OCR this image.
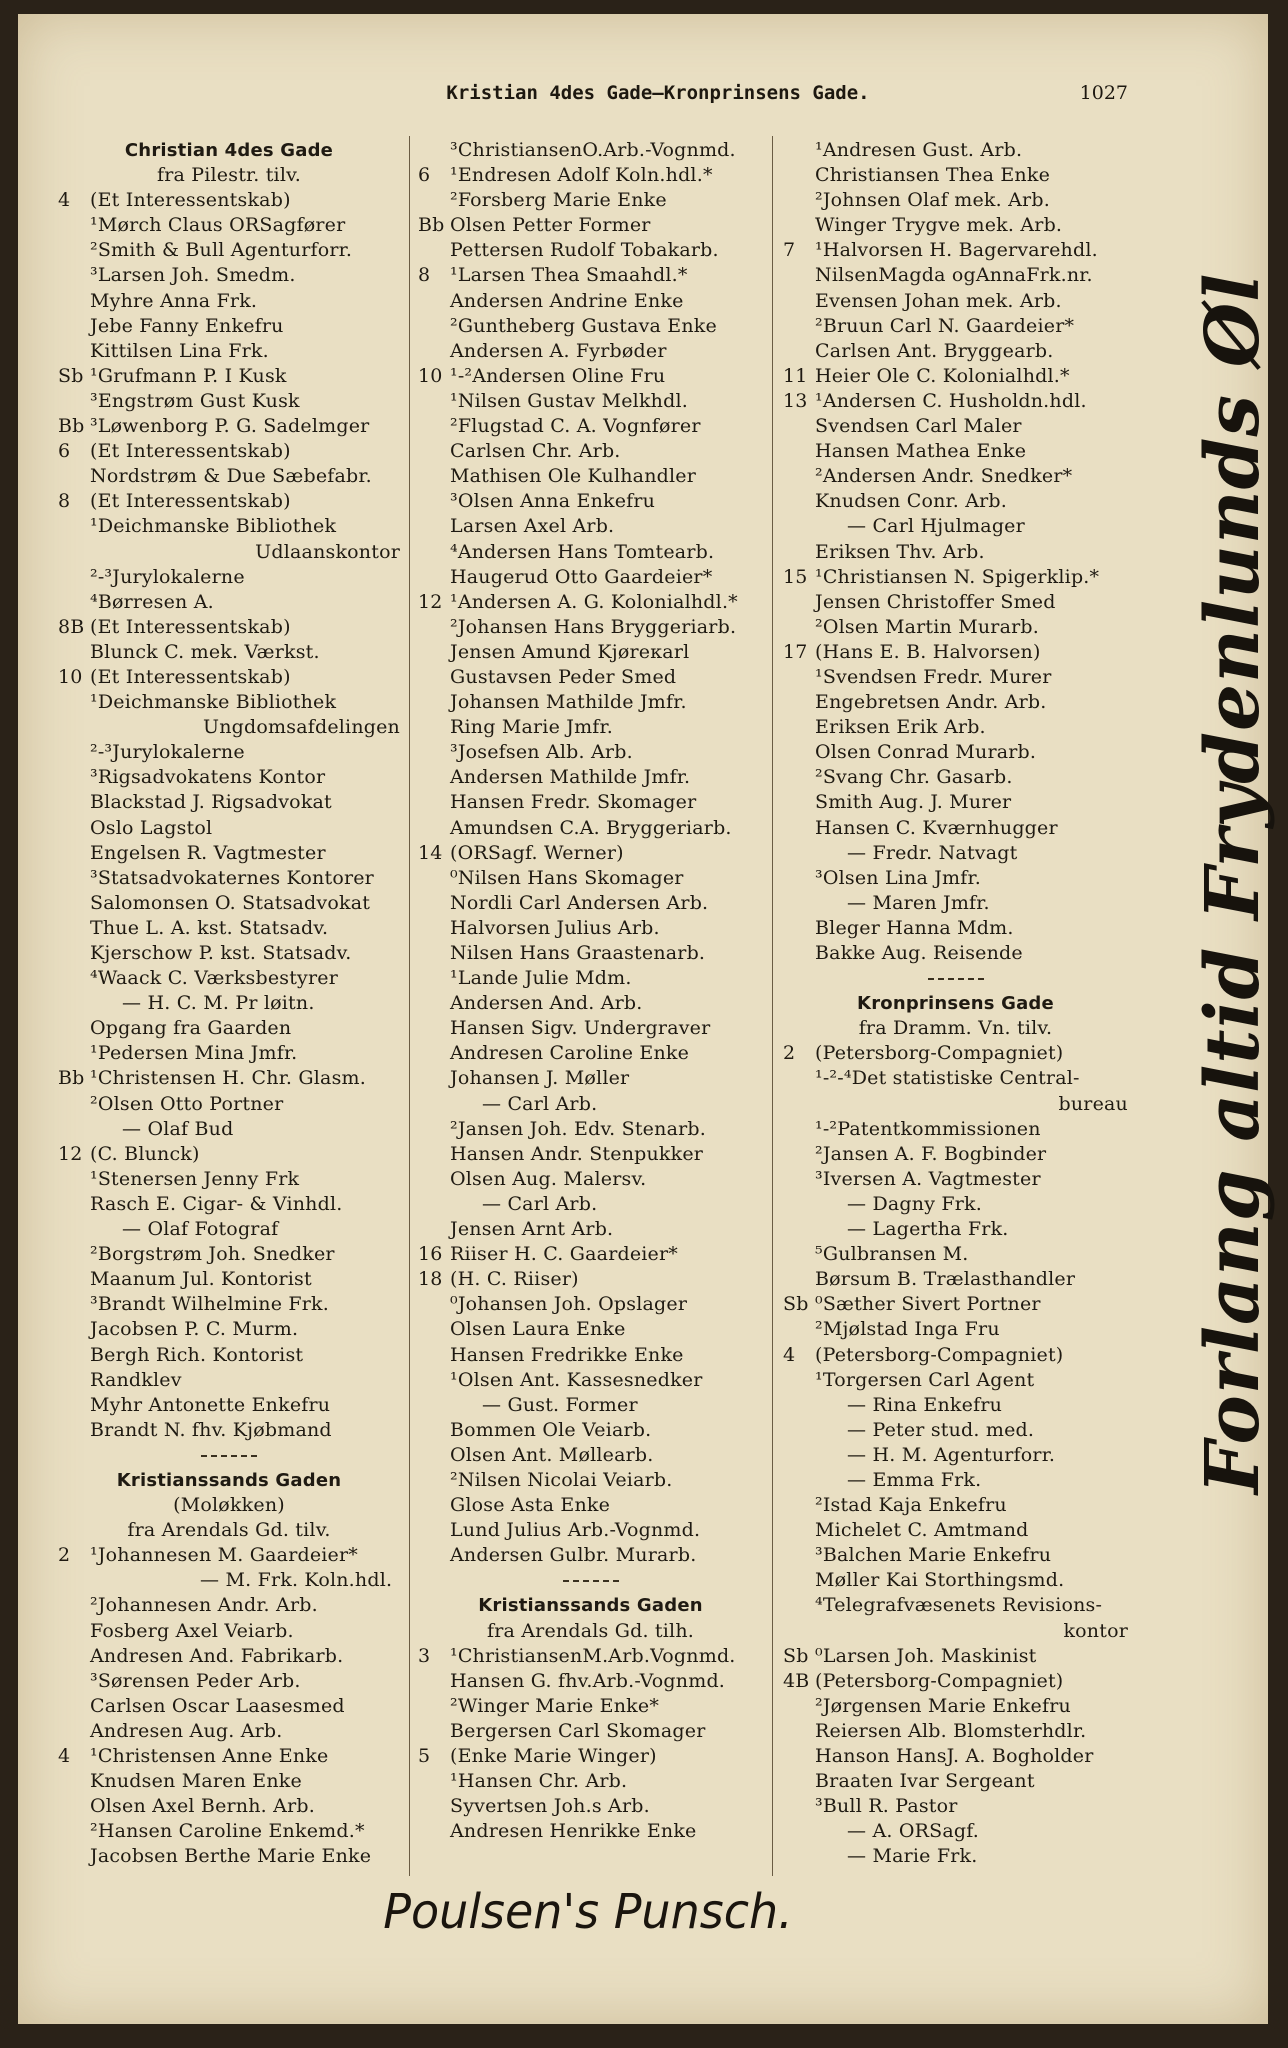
Kristian 4des Gade—Kronprinsens Gade.	1027
Christian 4des Gade
fra Pilestr. tilv.
4 (Et Interessentskab)
¹Mørch Claus ORSagfører
²Smith & Bull Agenturforr.
³Larsen Joh. Smedm.
Myhre Anna Frk.
Jebe Fanny Enkefru
Kittilsen Lina Frk.
Sb ¹Grufmann P. I Kusk
³Engstrøm Gust Kusk
Bb ³Løwenborg P. G. Sadelmger
6 (Et Interessentskab)
Nordstrøm & Due Sæbefabr.
8 (Et Interessentskab)
¹Deichmanske Bibliothek
Udlaanskontor
²-³Jurylokalerne
⁴Børresen A.
8B (Et Interessentskab)
Blunck C. mek. Værkst.
10 (Et Interessentskab)
¹Deichmanske Bibliothek
Ungdomsafdelingen
²-³Jurylokalerne
³Rigsadvokatens Kontor
Blackstad J. Rigsadvokat
Oslo Lagstol
Engelsen R. Vagtmester
³Statsadvokaternes Kontorer
Salomonsen O. Statsadvokat
Thue L. A. kst. Statsadv.
Kjerschow P. kst. Statsadv.
⁴Waack C. Værksbestyrer
— H. C. M. Pr løitn.
Opgang fra Gaarden
¹Pedersen Mina Jmfr.
Bb ¹Christensen H. Chr. Glasm.
²Olsen Otto Portner
— Olaf Bud
12 (C. Blunck)
¹Stenersen Jenny Frk
Rasch E. Cigar- & Vinhdl.
— Olaf Fotograf
²Borgstrøm Joh. Snedker
Maanum Jul. Kontorist
³Brandt Wilhelmine Frk.
Jacobsen P. C. Murm.
Bergh Rich. Kontorist
Randklev
Myhr Antonette Enkefru
Brandt N. fhv. Kjøbmand
Kristianssands Gaden
(Moløkken)
fra Arendals Gd. tilv.
2 ¹Johannesen M. Gaardeier*
— M. Frk. Koln.hdl.
²Johannesen Andr. Arb.
Fosberg Axel Veiarb.
Andresen And. Fabrikarb.
³Sørensen Peder Arb.
Carlsen Oscar Laasesmed
Andresen Aug. Arb.
4 ¹Christensen Anne Enke
Knudsen Maren Enke
Olsen Axel Bernh. Arb.
²Hansen Caroline Enkemd.*
Jacobsen Berthe Marie Enke
³ChristiansenO.Arb.-Vognmd.
6 ¹Endresen Adolf Koln.hdl.*
²Forsberg Marie Enke
Bb Olsen Petter Former
Pettersen Rudolf Tobakarb.
8 ¹Larsen Thea Smaahdl.*
Andersen Andrine Enke
²Guntheberg Gustava Enke
Andersen A. Fyrbøder
10 ¹-²Andersen Oline Fru
¹Nilsen Gustav Melkhdl.
²Flugstad C. A. Vognfører
Carlsen Chr. Arb.
Mathisen Ole Kulhandler
³Olsen Anna Enkefru
Larsen Axel Arb.
⁴Andersen Hans Tomtearb.
Haugerud Otto Gaardeier*
12 ¹Andersen A. G. Kolonialhdl.*
²Johansen Hans Bryggeriarb.
Jensen Amund Kjøreкarl
Gustavsen Peder Smed
Johansen Mathilde Jmfr.
Ring Marie Jmfr.
³Josefsen Alb. Arb.
Andersen Mathilde Jmfr.
Hansen Fredr. Skomager
Amundsen C.A. Bryggeriarb.
14 (ORSagf. Werner)
⁰Nilsen Hans Skomager
Nordli Carl Andersen Arb.
Halvorsen Julius Arb.
Nilsen Hans Graastenarb.
¹Lande Julie Mdm.
Andersen And. Arb.
Hansen Sigv. Undergraver
Andresen Caroline Enke
Johansen J. Møller
— Carl Arb.
²Jansen Joh. Edv. Stenarb.
Hansen Andr. Stenpukker
Olsen Aug. Malersv.
— Carl Arb.
Jensen Arnt Arb.
16 Riiser H. C. Gaardeier*
18 (H. C. Riiser)
⁰Johansen Joh. Opslager
Olsen Laura Enke
Hansen Fredrikke Enke
¹Olsen Ant. Kassesnedker
— Gust. Former
Bommen Ole Veiarb.
Olsen Ant. Møllearb.
²Nilsen Nicolai Veiarb.
Glose Asta Enke
Lund Julius Arb.-Vognmd.
Andersen Gulbr. Murarb.
Kristianssands Gaden
fra Arendals Gd. tilh.
3 ¹ChristiansenM.Arb.Vognmd.
Hansen G. fhv.Arb.-Vognmd.
²Winger Marie Enke*
Bergersen Carl Skomager
5 (Enke Marie Winger)
¹Hansen Chr. Arb.
Syvertsen Joh.s Arb.
Andresen Henrikke Enke
¹Andresen Gust. Arb.
Christiansen Thea Enke
²Johnsen Olaf mek. Arb.
Winger Trygve mek. Arb.
7 ¹Halvorsen H. Bagervarehdl.
NilsenMagda ogAnnaFrk.nr.
Evensen Johan mek. Arb.
²Bruun Carl N. Gaardeier*
Carlsen Ant. Bryggearb.
11 Heier Ole C. Kolonialhdl.*
13 ¹Andersen C. Husholdn.hdl.
Svendsen Carl Maler
Hansen Mathea Enke
²Andersen Andr. Snedker*
Knudsen Conr. Arb.
— Carl Hjulmager
Eriksen Thv. Arb.
15 ¹Christiansen N. Spigerklip.*
Jensen Christoffer Smed
²Olsen Martin Murarb.
17 (Hans E. B. Halvorsen)
¹Svendsen Fredr. Murer
Engebretsen Andr. Arb.
Eriksen Erik Arb.
Olsen Conrad Murarb.
²Svang Chr. Gasarb.
Smith Aug. J. Murer
Hansen C. Kværnhugger
— Fredr. Natvagt
³Olsen Lina Jmfr.
— Maren Jmfr.
Bleger Hanna Mdm.
Bakke Aug. Reisende
Kronprinsens Gade
fra Dramm. Vn. tilv.
2 (Petersborg-Compagniet)
¹-²-⁴Det statistiske Central-
bureau
¹-²Patentkommissionen
²Jansen A. F. Bogbinder
³Iversen A. Vagtmester
— Dagny Frk.
— Lagertha Frk.
⁵Gulbransen M.
Børsum B. Trælasthandler
Sb ⁰Sæther Sivert Portner
²Mjølstad Inga Fru
4 (Petersborg-Compagniet)
¹Torgersen Carl Agent
— Rina Enkefru
— Peter stud. med.
— H. M. Agenturforr.
— Emma Frk.
²Istad Kaja Enkefru
Michelet C. Amtmand
³Balchen Marie Enkefru
Møller Kai Storthingsmd.
⁴Telegrafvæsenets Revisions-
kontor
Sb ⁰Larsen Joh. Maskinist
4B (Petersborg-Compagniet)
²Jørgensen Marie Enkefru
Reiersen Alb. Blomsterhdlr.
Hanson HansJ. A. Bogholder
Braaten Ivar Sergeant
³Bull R. Pastor
— A. ORSagf.
— Marie Frk.
Forlang altid Frydenlunds Øl
Poulsen's Punsch.
